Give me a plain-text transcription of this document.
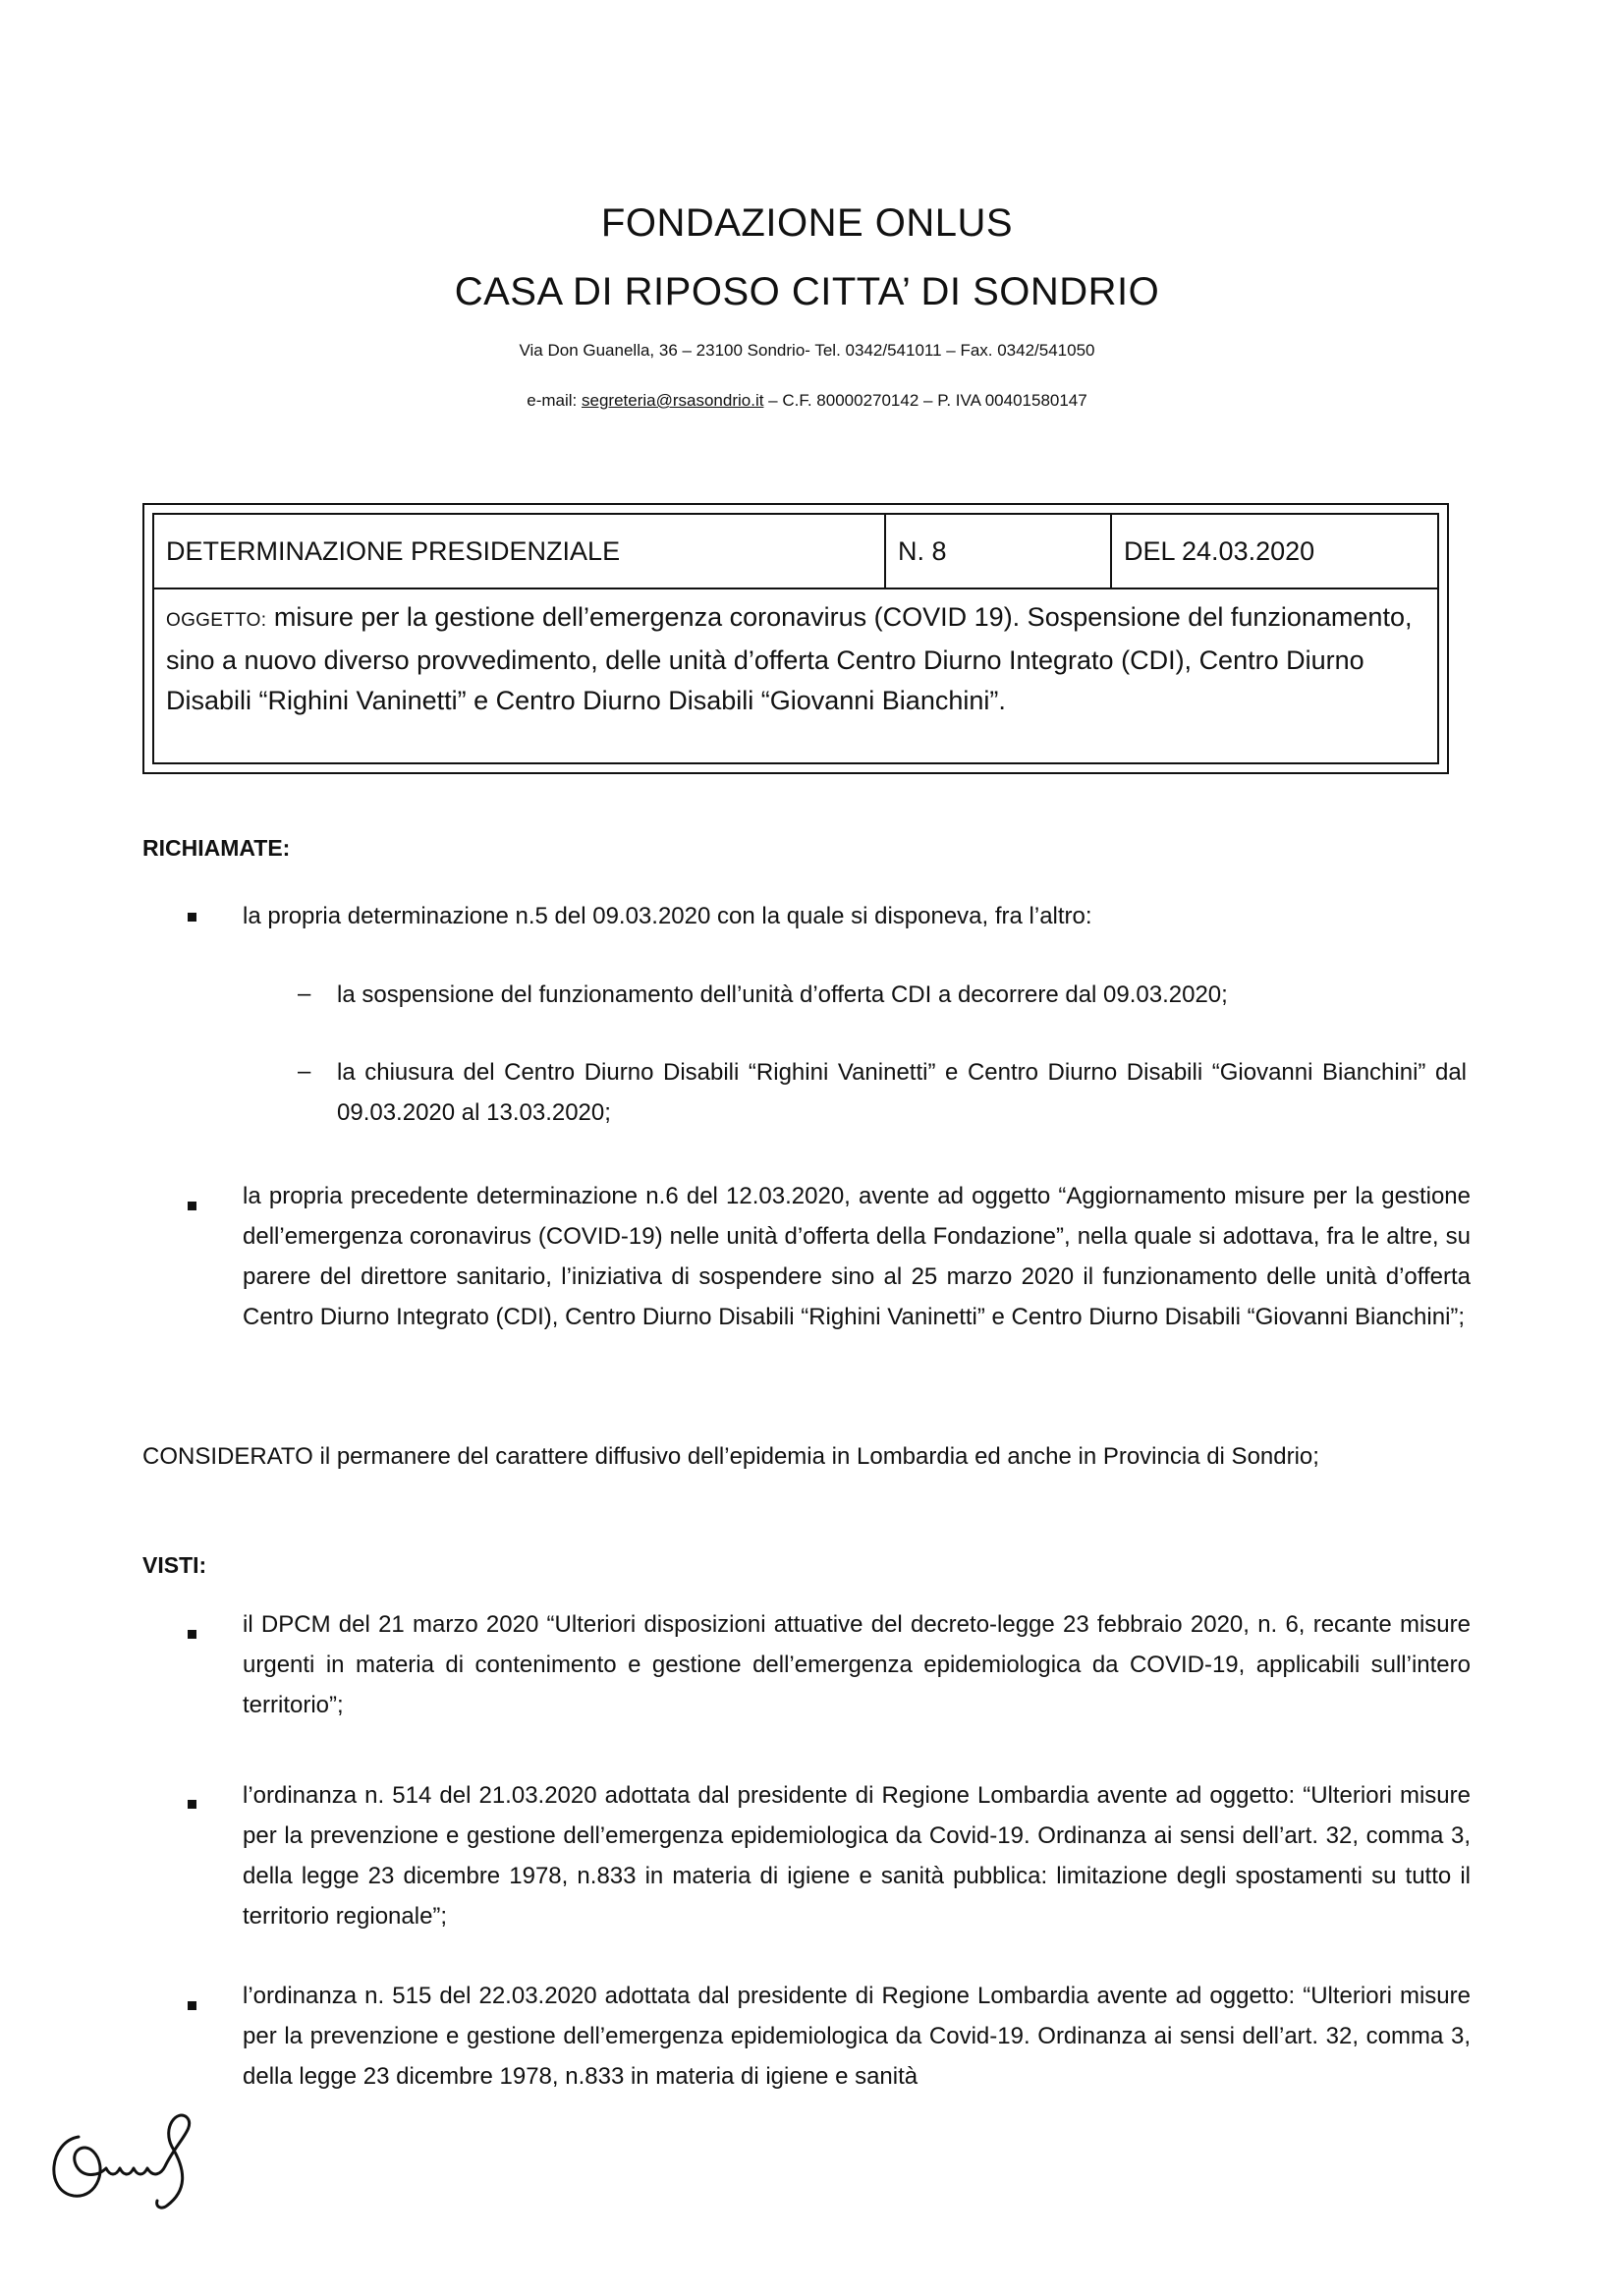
FONDAZIONE ONLUS
CASA DI RIPOSO CITTA’ DI SONDRIO
Via Don Guanella, 36 – 23100 Sondrio- Tel. 0342/541011 – Fax. 0342/541050
e-mail: segreteria@rsasondrio.it – C.F. 80000270142 – P. IVA 00401580147
DETERMINAZIONE PRESIDENZIALE	N. 8	DEL 24.03.2020
OGGETTO: misure per la gestione dell’emergenza coronavirus (COVID 19). Sospensione del funzionamento, sino a nuovo diverso provvedimento, delle unità d’offerta Centro Diurno Integrato (CDI), Centro Diurno Disabili “Righini Vaninetti” e Centro Diurno Disabili “Giovanni Bianchini”.
RICHIAMATE:
la propria determinazione n.5 del 09.03.2020 con la quale si disponeva, fra l’altro:
– la sospensione del funzionamento dell’unità d’offerta CDI a decorrere dal 09.03.2020;
– la chiusura del Centro Diurno Disabili “Righini Vaninetti” e Centro Diurno Disabili “Giovanni Bianchini” dal 09.03.2020 al 13.03.2020;
la propria precedente determinazione n.6 del 12.03.2020, avente ad oggetto “Aggiornamento misure per la gestione dell’emergenza coronavirus (COVID-19) nelle unità d’offerta della Fondazione”, nella quale si adottava, fra le altre, su parere del direttore sanitario, l’iniziativa di sospendere sino al 25 marzo 2020 il funzionamento delle unità d’offerta Centro Diurno Integrato (CDI), Centro Diurno Disabili “Righini Vaninetti” e Centro Diurno Disabili “Giovanni Bianchini”;
CONSIDERATO il permanere del carattere diffusivo dell’epidemia in Lombardia ed anche in Provincia di Sondrio;
VISTI:
il DPCM del 21 marzo 2020 “Ulteriori disposizioni attuative del decreto-legge 23 febbraio 2020, n. 6, recante misure urgenti in materia di contenimento e gestione dell’emergenza epidemiologica da COVID-19, applicabili sull’intero territorio”;
l’ordinanza n. 514 del 21.03.2020 adottata dal presidente di Regione Lombardia avente ad oggetto: “Ulteriori misure per la prevenzione e gestione dell’emergenza epidemiologica da Covid-19. Ordinanza ai sensi dell’art. 32, comma 3, della legge 23 dicembre 1978, n.833 in materia di igiene e sanità pubblica: limitazione degli spostamenti su tutto il territorio regionale”;
l’ordinanza n. 515 del 22.03.2020 adottata dal presidente di Regione Lombardia avente ad oggetto: “Ulteriori misure per la prevenzione e gestione dell’emergenza epidemiologica da Covid-19. Ordinanza ai sensi dell’art. 32, comma 3, della legge 23 dicembre 1978, n.833 in materia di igiene e sanità
